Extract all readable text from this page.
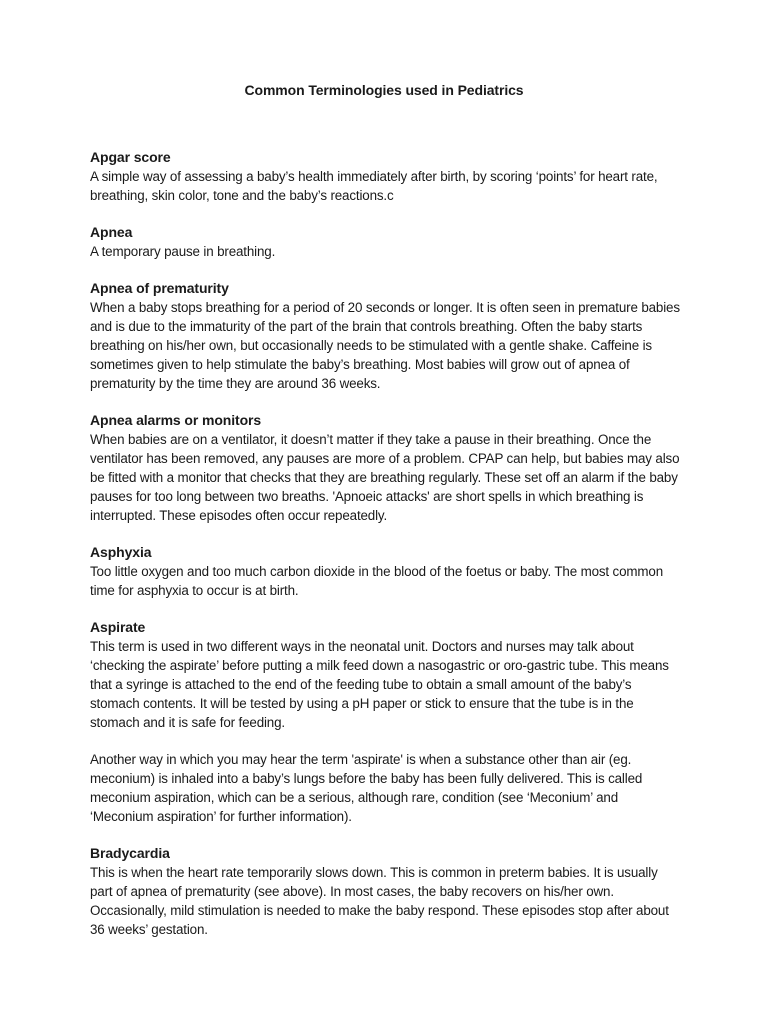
Common Terminologies used in Pediatrics
Apgar score

A simple way of assessing a baby’s health immediately after birth, by scoring ‘points’ for heart rate, breathing, skin color, tone and the baby’s reactions.c

Apnea

A temporary pause in breathing.

Apnea of prematurity

When a baby stops breathing for a period of 20 seconds or longer. It is often seen in premature babies and is due to the immaturity of the part of the brain that controls breathing. Often the baby starts breathing on his/her own, but occasionally needs to be stimulated with a gentle shake. Caffeine is sometimes given to help stimulate the baby’s breathing. Most babies will grow out of apnea of prematurity by the time they are around 36 weeks.

Apnea alarms or monitors

When babies are on a ventilator, it doesn’t matter if they take a pause in their breathing. Once the ventilator has been removed, any pauses are more of a problem. CPAP can help, but babies may also be fitted with a monitor that checks that they are breathing regularly. These set off an alarm if the baby pauses for too long between two breaths. 'Apnoeic attacks' are short spells in which breathing is interrupted. These episodes often occur repeatedly.

Asphyxia

Too little oxygen and too much carbon dioxide in the blood of the foetus or baby. The most common time for asphyxia to occur is at birth.

Aspirate

This term is used in two different ways in the neonatal unit. Doctors and nurses may talk about ‘checking the aspirate’ before putting a milk feed down a nasogastric or oro-gastric tube. This means that a syringe is attached to the end of the feeding tube to obtain a small amount of the baby’s stomach contents. It will be tested by using a pH paper or stick to ensure that the tube is in the stomach and it is safe for feeding.

Another way in which you may hear the term 'aspirate' is when a substance other than air (eg. meconium) is inhaled into a baby’s lungs before the baby has been fully delivered. This is called meconium aspiration, which can be a serious, although rare, condition (see ‘Meconium’ and ‘Meconium aspiration’ for further information).

Bradycardia

This is when the heart rate temporarily slows down. This is common in preterm babies. It is usually part of apnea of prematurity (see above). In most cases, the baby recovers on his/her own. Occasionally, mild stimulation is needed to make the baby respond. These episodes stop after about 36 weeks’ gestation.
